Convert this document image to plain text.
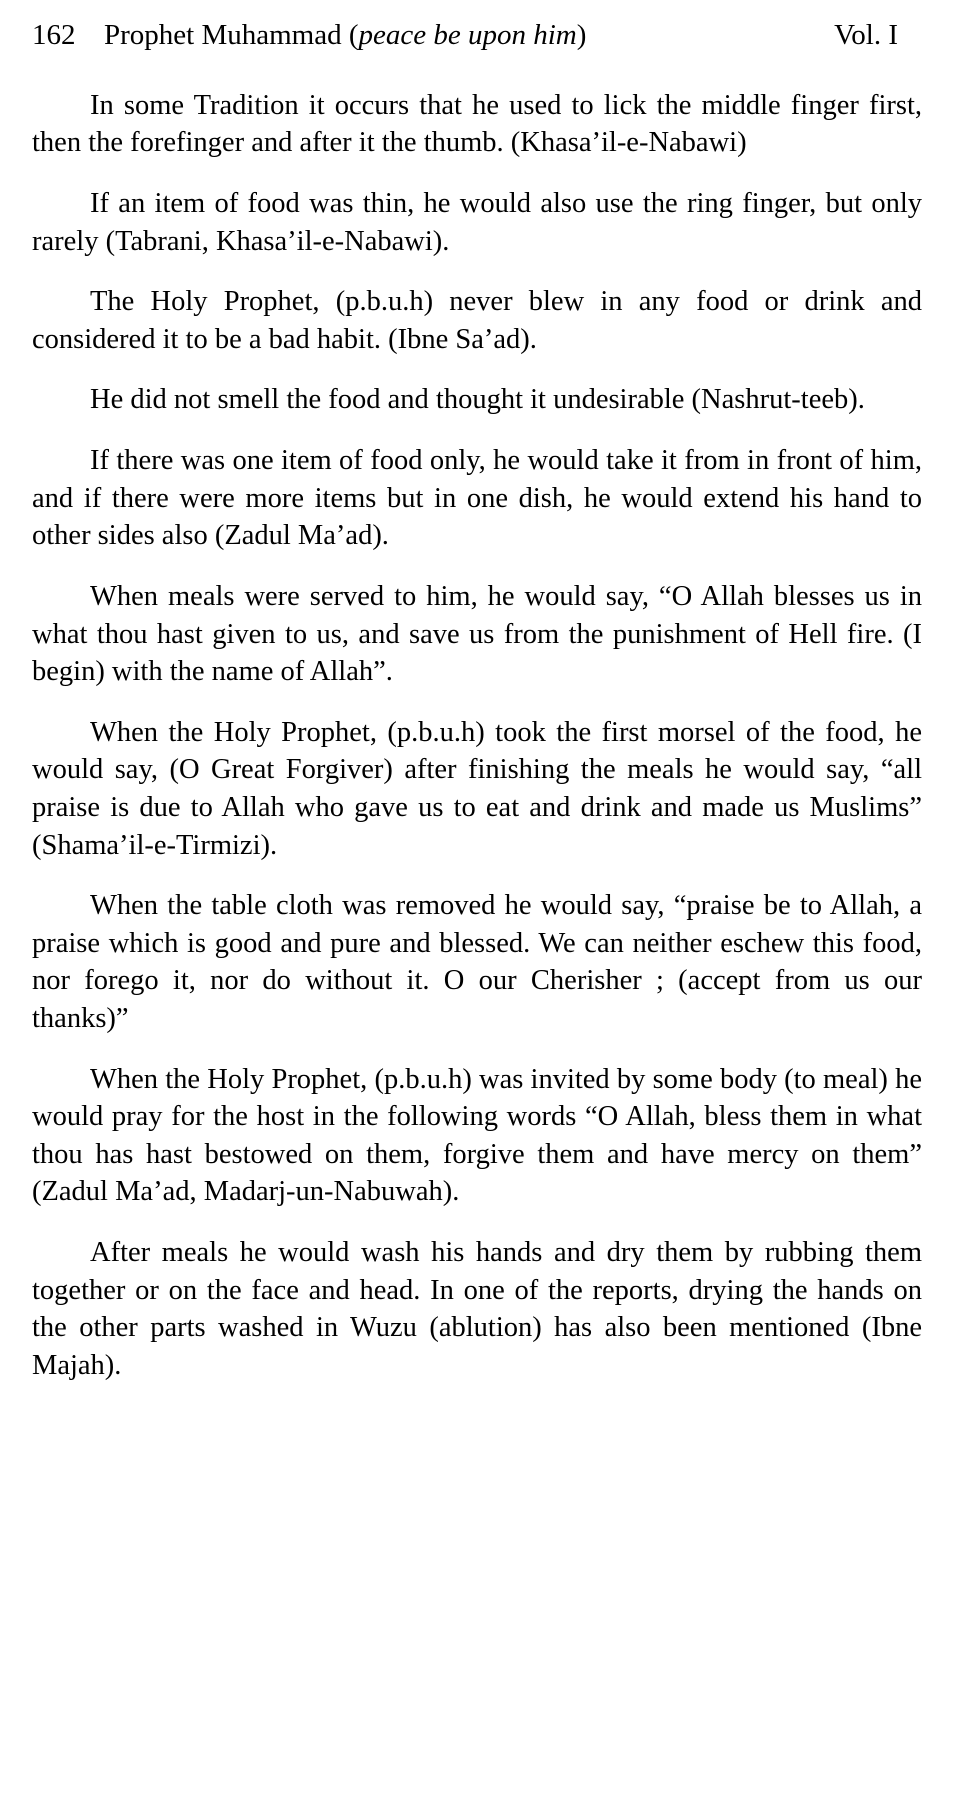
162 Prophet Muhammad (peace be upon him)	Vol. I

In some Tradition it occurs that he used to lick the middle finger first, then the forefinger and after it the thumb. (Khasa’il-e-Nabawi)

If an item of food was thin, he would also use the ring finger, but only rarely (Tabrani, Khasa’il-e-Nabawi).

The Holy Prophet, (p.b.u.h) never blew in any food or drink and considered it to be a bad habit. (Ibne Sa’ad).

He did not smell the food and thought it undesirable (Nashrut-teeb).

If there was one item of food only, he would take it from in front of him, and if there were more items but in one dish, he would extend his hand to other sides also (Zadul Ma’ad).

When meals were served to him, he would say, “O Allah blesses us in what thou hast given to us, and save us from the punishment of Hell fire. (I begin) with the name of Allah”.

When the Holy Prophet, (p.b.u.h) took the first morsel of the food, he would say, (O Great Forgiver) after finishing the meals he would say, “all praise is due to Allah who gave us to eat and drink and made us Muslims” (Shama’il-e-Tirmizi).

When the table cloth was removed he would say, “praise be to Allah, a praise which is good and pure and blessed. We can neither eschew this food, nor forego it, nor do without it. O our Cherisher ; (accept from us our thanks)”

When the Holy Prophet, (p.b.u.h) was invited by some body (to meal) he would pray for the host in the following words “O Allah, bless them in what thou has hast bestowed on them, forgive them and have mercy on them” (Zadul Ma’ad, Madarj-un-Nabuwah).

After meals he would wash his hands and dry them by rubbing them together or on the face and head. In one of the reports, drying the hands on the other parts washed in Wuzu (ablution) has also been mentioned (Ibne Majah).
